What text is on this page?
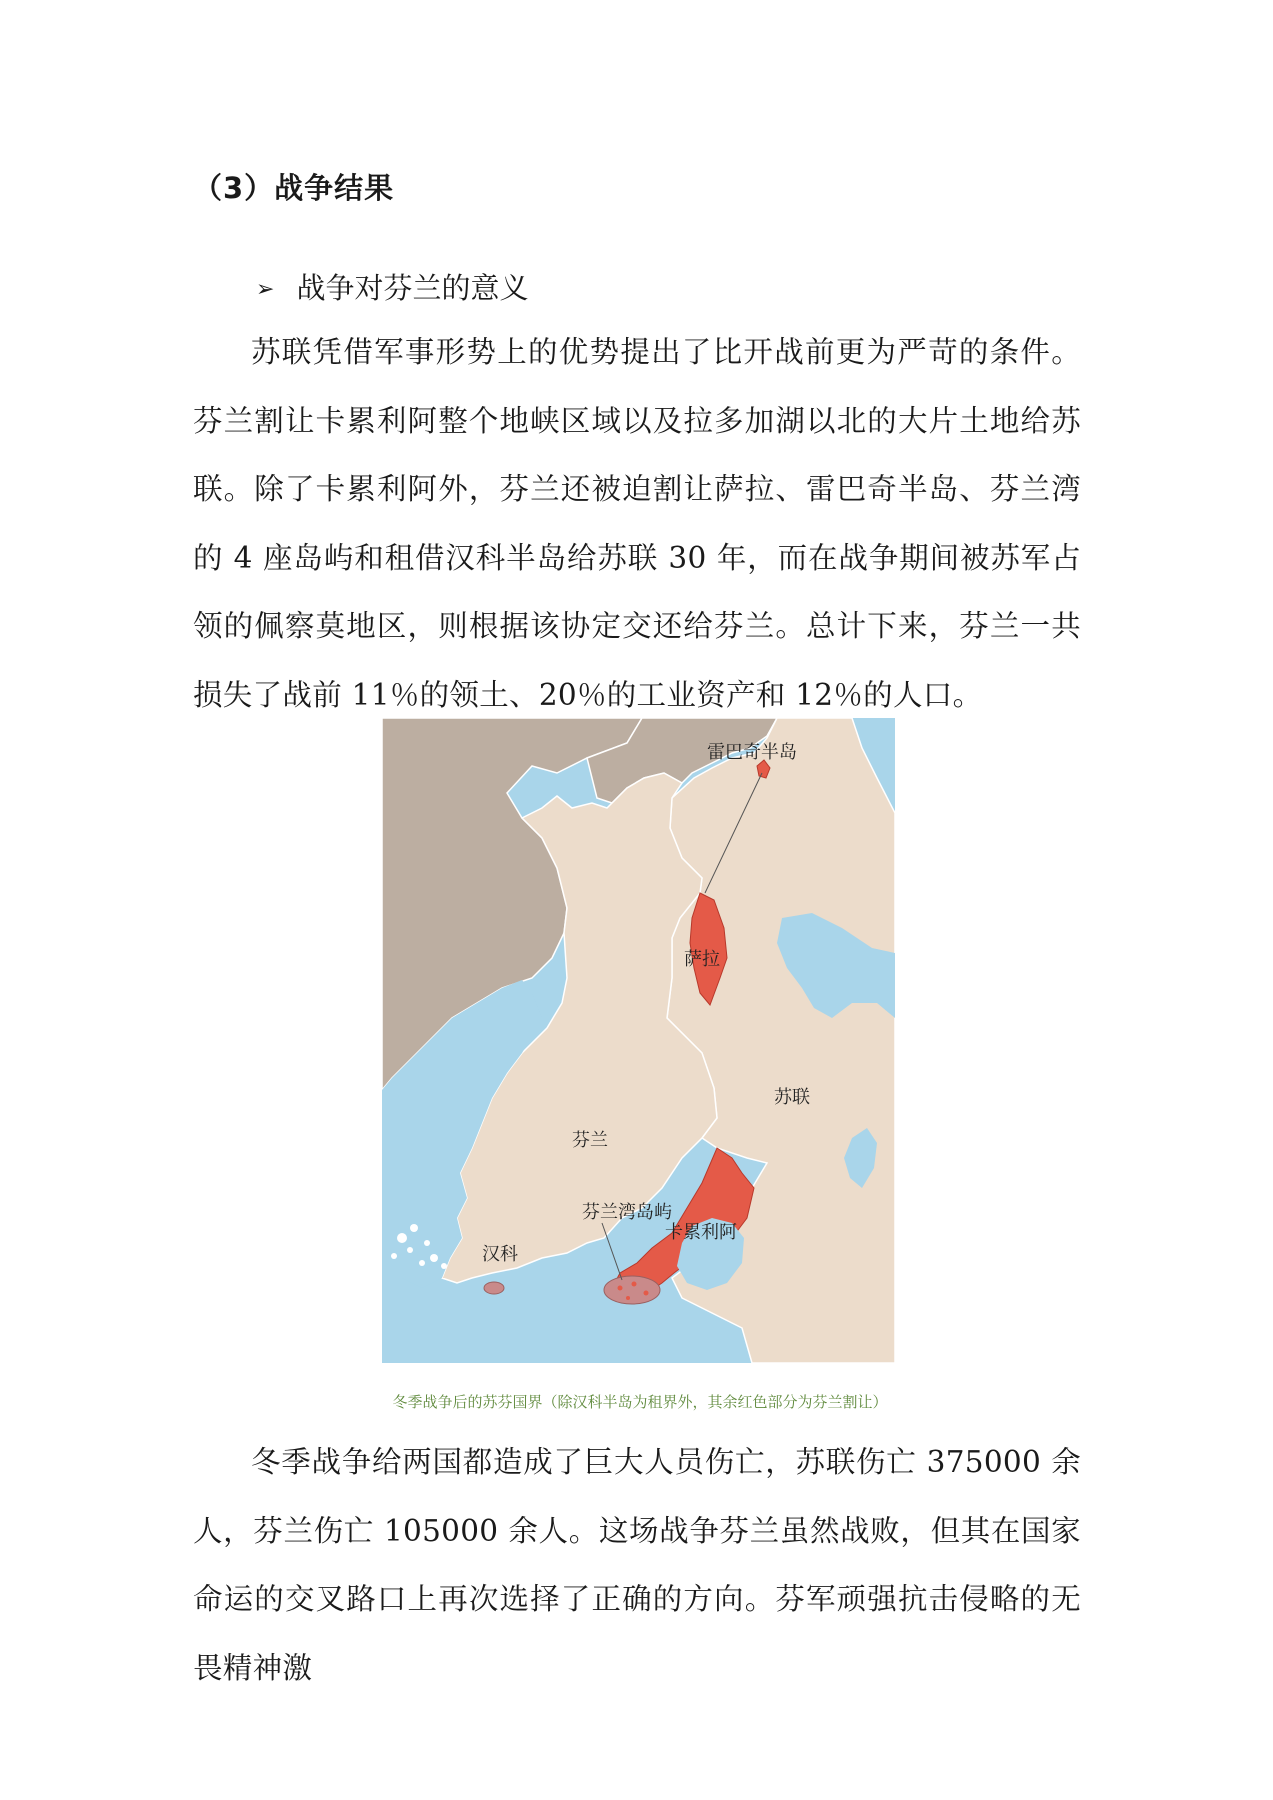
（3）战争结果
➢ 战争对芬兰的意义

苏联凭借军事形势上的优势提出了比开战前更为严苛的条件。芬兰割让卡累利阿整个地峡区域以及拉多加湖以北的大片土地给苏联。除了卡累利阿外，芬兰还被迫割让萨拉、雷巴奇半岛、芬兰湾的 4 座岛屿和租借汉科半岛给苏联 30 年，而在战争期间被苏军占领的佩察莫地区，则根据该协定交还给芬兰。总计下来，芬兰一共损失了战前 11％的领土、20％的工业资产和 12％的人口。

雷巴奇半岛
萨拉
苏联
芬兰
芬兰湾岛屿
卡累利阿
汉科
冬季战争后的苏芬国界（除汉科半岛为租界外，其余红色部分为芬兰割让）

冬季战争给两国都造成了巨大人员伤亡，苏联伤亡 375000 余人，芬兰伤亡 105000 余人。这场战争芬兰虽然战败，但其在国家命运的交叉路口上再次选择了正确的方向。芬军顽强抗击侵略的无畏精神激
